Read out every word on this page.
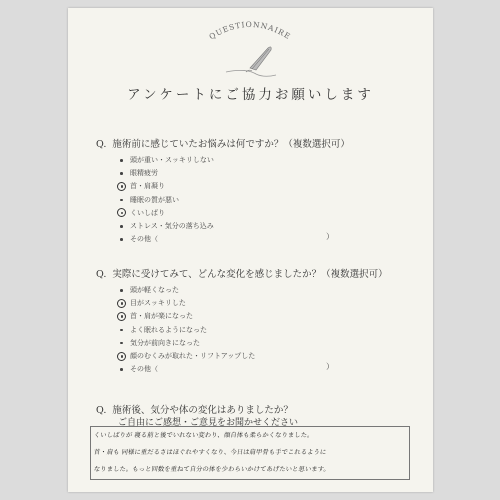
QUESTIONNAIRE
アンケートにご協力お願いします
Q. 施術前に感じていたお悩みは何ですか？（複数選択可）
頭が重い・スッキリしない
眼精疲労
首・肩凝り
睡眠の質が悪い
くいしばり
ストレス・気分の落ち込み
その他（	）
Q. 実際に受けてみて、どんな変化を感じましたか？（複数選択可）
頭が軽くなった
目がスッキリした
首・肩が楽になった
よく眠れるようになった
気分が前向きになった
顔のむくみが取れた・リフトアップした
その他（	）
Q. 施術後、気分や体の変化はありましたか？
ご自由にご感想・ご意見をお聞かせください
くいしばりが 寝る前と後でいれない変わり、顔自体も柔らかくなりました。
首・肩も 同様に重だるさはほぐれやすくなり、今日は肩甲骨も手でこれるように
なりました。もっと回数を重ねて自分の体を少わらいかけてあげたいと思います。
